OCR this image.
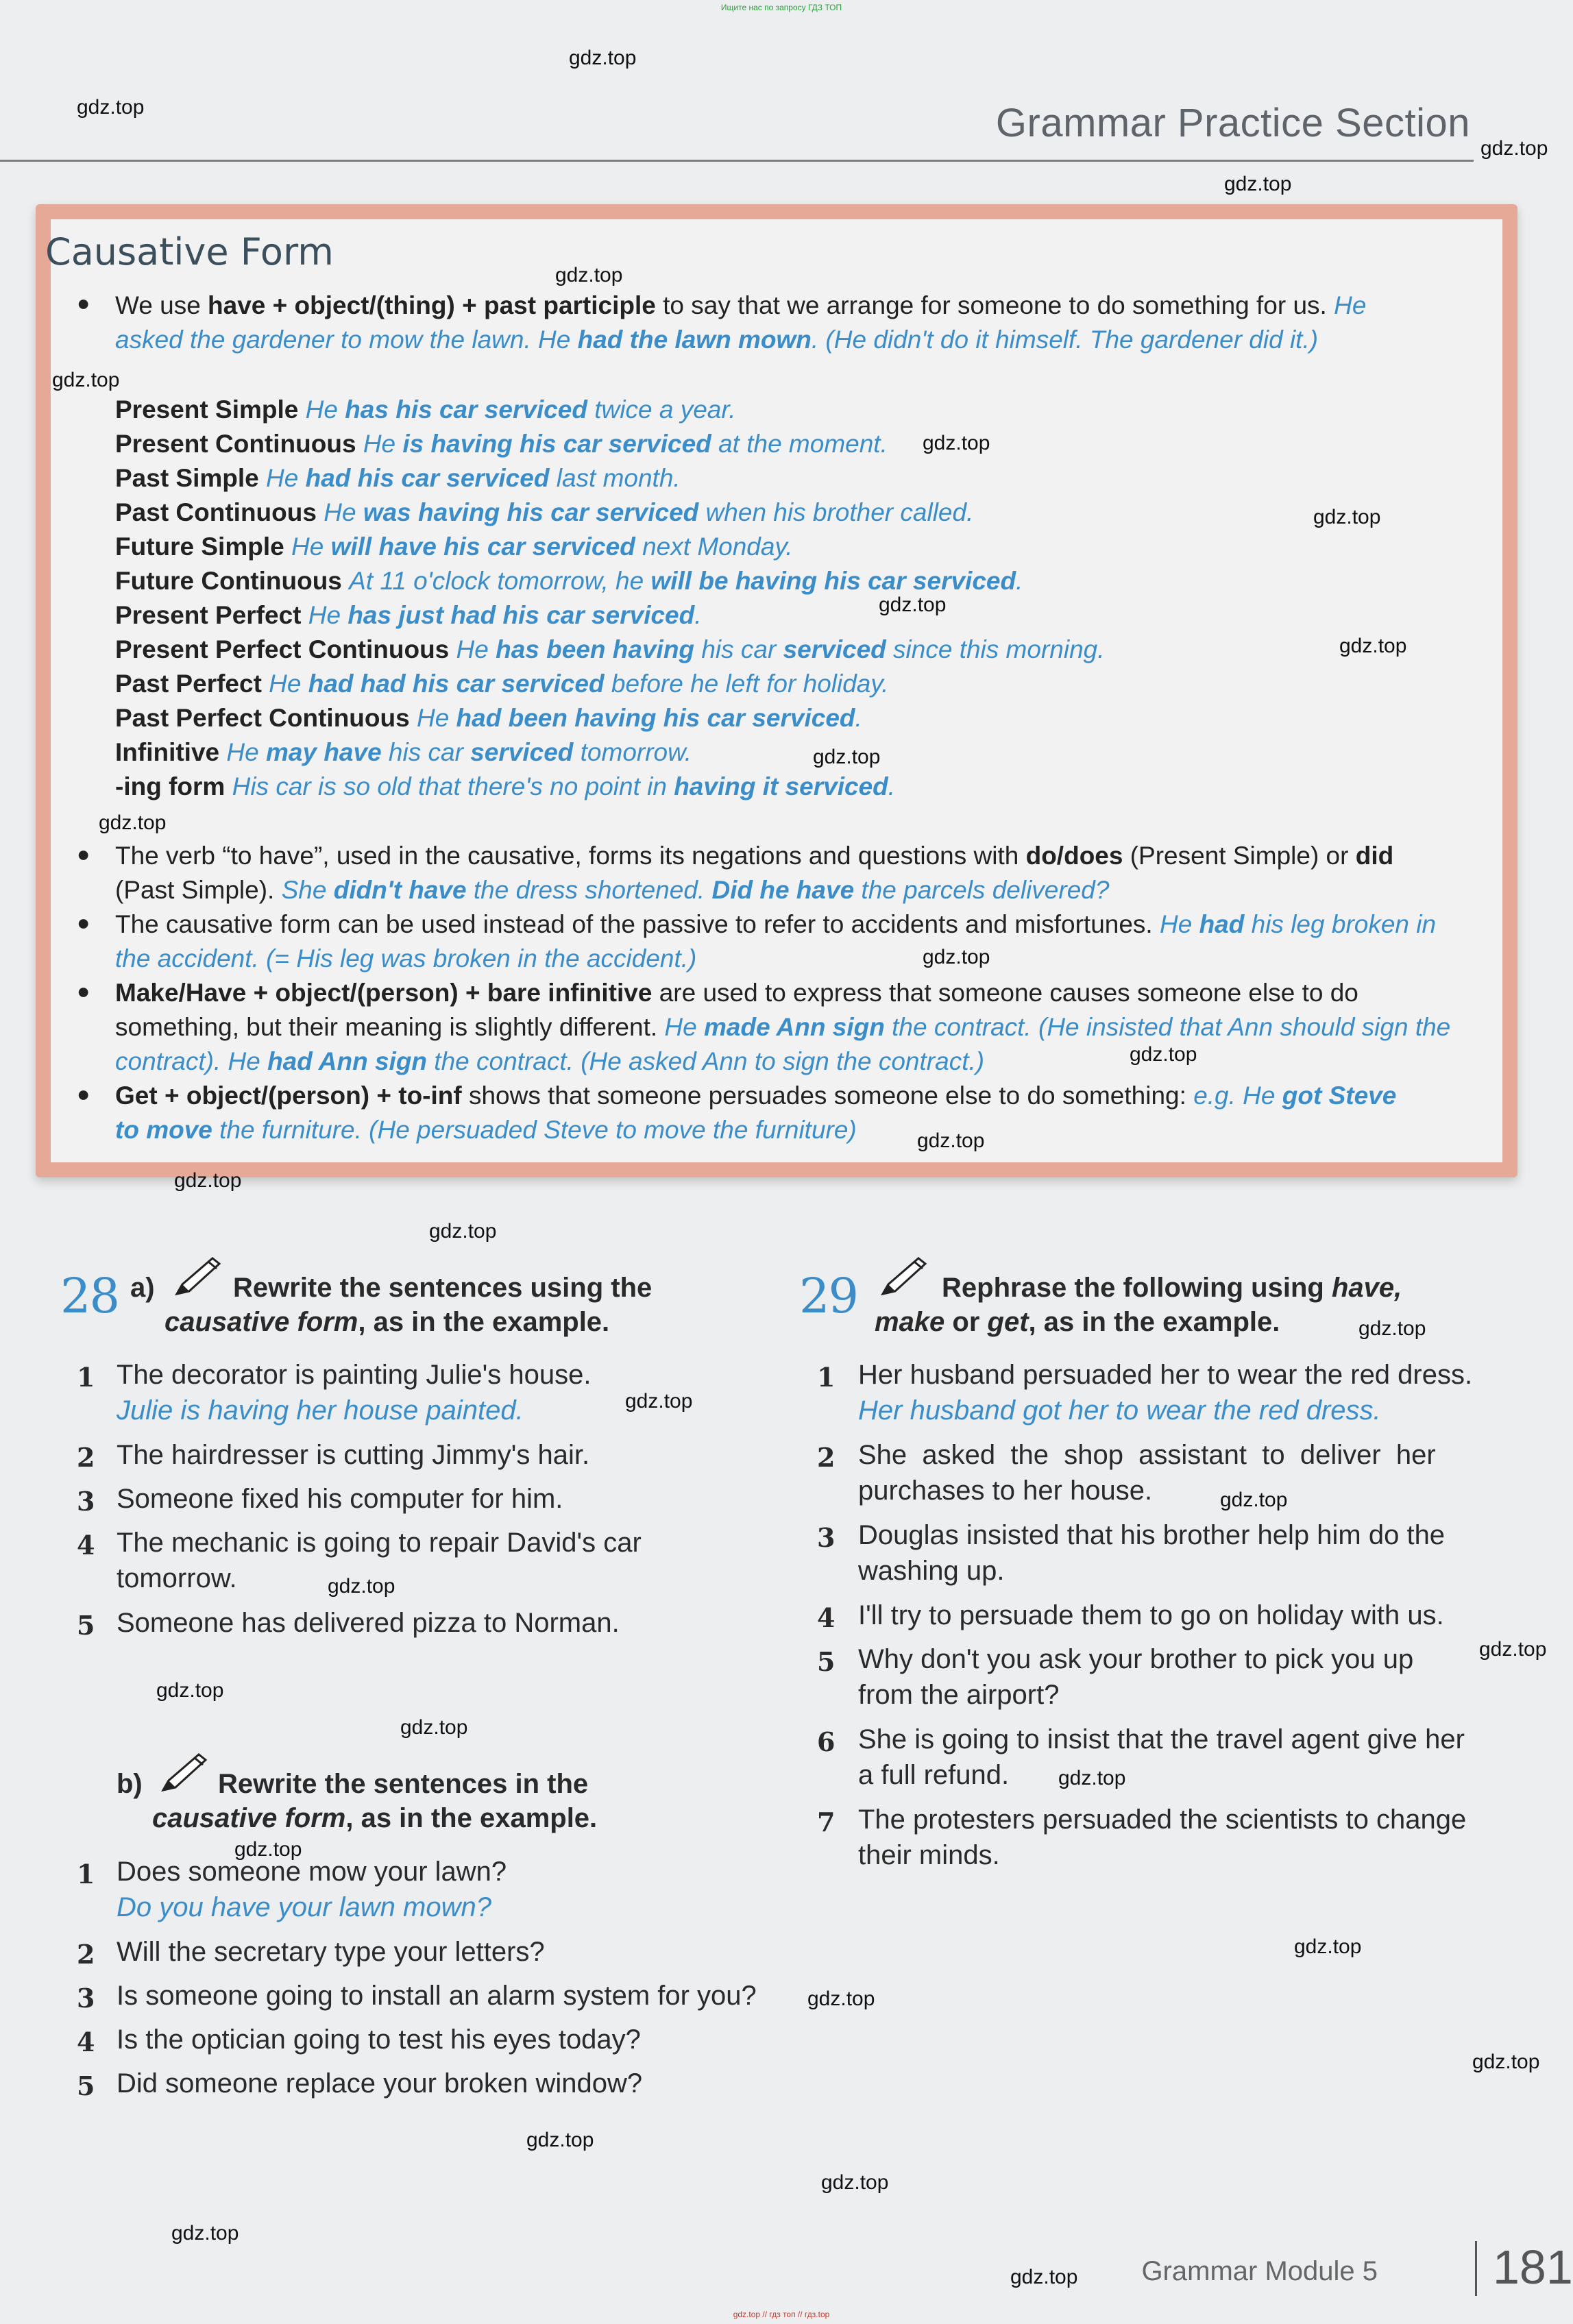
Ищите нас по запросу ГДЗ ТОП
gdz.top // гдз топ // гдз.top
Grammar Practice Section
Causative Form
● We use have + object/(thing) + past participle to say that we arrange for someone to do something for us. He
asked the gardener to mow the lawn. He had the lawn mown. (He didn't do it himself. The gardener did it.)
Present Simple He has his car serviced twice a year.
Present Continuous He is having his car serviced at the moment.
Past Simple He had his car serviced last month.
Past Continuous He was having his car serviced when his brother called.
Future Simple He will have his car serviced next Monday.
Future Continuous At 11 o'clock tomorrow, he will be having his car serviced.
Present Perfect He has just had his car serviced.
Present Perfect Continuous He has been having his car serviced since this morning.
Past Perfect He had had his car serviced before he left for holiday.
Past Perfect Continuous He had been having his car serviced.
Infinitive He may have his car serviced tomorrow.
-ing form His car is so old that there's no point in having it serviced.
● The verb “to have”, used in the causative, forms its negations and questions with do/does (Present Simple) or did
(Past Simple). She didn't have the dress shortened. Did he have the parcels delivered?
● The causative form can be used instead of the passive to refer to accidents and misfortunes. He had his leg broken in
the accident. (= His leg was broken in the accident.)
● Make/Have + object/(person) + bare infinitive are used to express that someone causes someone else to do
something, but their meaning is slightly different. He made Ann sign the contract. (He insisted that Ann should sign the
contract). He had Ann sign the contract. (He asked Ann to sign the contract.)
● Get + object/(person) + to-inf shows that someone persuades someone else to do something: e.g. He got Steve
to move the furniture. (He persuaded Steve to move the furniture)
28 a)	Rewrite the sentences using the
causative form, as in the example.
1 The decorator is painting Julie's house.
Julie is having her house painted.
2 The hairdresser is cutting Jimmy's hair.
3 Someone fixed his computer for him.
4 The mechanic is going to repair David's car
tomorrow.
5 Someone has delivered pizza to Norman.
b)	Rewrite the sentences in the
causative form, as in the example.
1 Does someone mow your lawn?
Do you have your lawn mown?
2 Will the secretary type your letters?
3 Is someone going to install an alarm system for you?
4 Is the optician going to test his eyes today?
5 Did someone replace your broken window?
29	Rephrase the following using have,
make or get, as in the example.
1 Her husband persuaded her to wear the red dress.
Her husband got her to wear the red dress.
2 She  asked  the  shop  assistant  to  deliver  her
purchases to her house.
3 Douglas insisted that his brother help him do the
washing up.
4 I'll try to persuade them to go on holiday with us.
5 Why don't you ask your brother to pick you up
from the airport?
6 She is going to insist that the travel agent give her
a full refund.
7 The protesters persuaded the scientists to change
their minds.
Grammar Module 5 181
gdz.top
gdz.top
gdz.top
gdz.top
gdz.top
gdz.top
gdz.top
gdz.top
gdz.top
gdz.top
gdz.top
gdz.top
gdz.top
gdz.top
gdz.top
gdz.top
gdz.top
gdz.top
gdz.top
gdz.top
gdz.top
gdz.top
gdz.top
gdz.top
gdz.top
gdz.top
gdz.top
gdz.top
gdz.top
gdz.top
gdz.top
gdz.top
gdz.top
